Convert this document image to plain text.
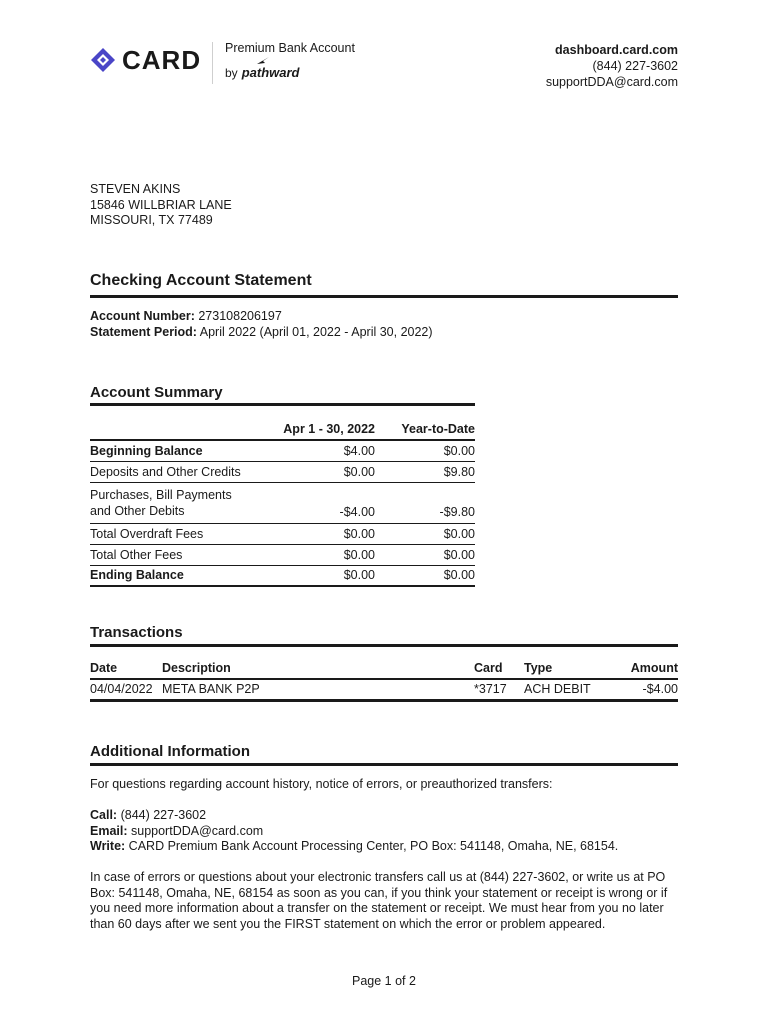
CARD Premium Bank Account
by pathward
dashboard.card.com
(844) 227-3602
supportDDA@card.com
STEVEN AKINS
15846 WILLBRIAR LANE
MISSOURI, TX 77489
Checking Account Statement
Account Number: 273108206197
Statement Period: April 2022 (April 01, 2022 - April 30, 2022)
Account Summary
	Apr 1 - 30, 2022	Year-to-Date
Beginning Balance	$4.00	$0.00
Deposits and Other Credits	$0.00	$9.80

Purchases, Bill Payments
and Other Debits	-$4.00	-$9.80
Total Overdraft Fees	$0.00	$0.00
Total Other Fees	$0.00	$0.00
Ending Balance	$0.00	$0.00
Transactions
Date	Description	Card	Type	Amount
04/04/2022	META BANK P2P	*3717	ACH DEBIT	-$4.00
Additional Information

For questions regarding account history, notice of errors, or preauthorized transfers:

Call: (844) 227-3602
Email: supportDDA@card.com
Write: CARD Premium Bank Account Processing Center, PO Box: 541148, Omaha, NE, 68154.

In case of errors or questions about your electronic transfers call us at (844) 227-3602, or write us at PO Box: 541148, Omaha, NE, 68154 as soon as you can, if you think your statement or receipt is wrong or if you need more information about a transfer on the statement or receipt. We must hear from you no later than 60 days after we sent you the FIRST statement on which the error or problem appeared.

Page 1 of 2
